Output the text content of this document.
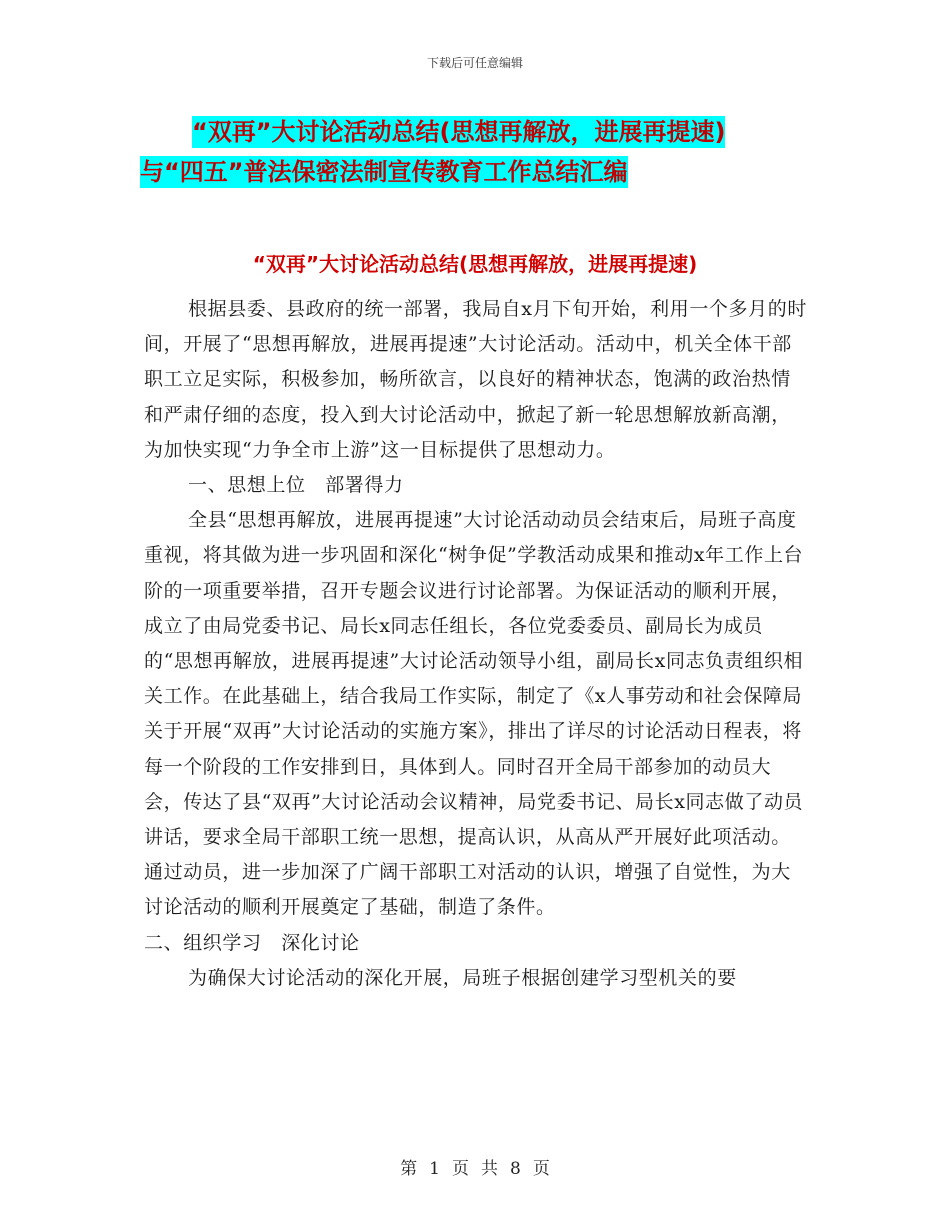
下载后可任意编辑
“双再”大讨论活动总结(思想再解放，进展再提速)
与“四五”普法保密法制宣传教育工作总结汇编
“双再”大讨论活动总结(思想再解放，进展再提速)

根据县委、县政府的统一部署，我局自x月下旬开始，利用一个多月的时间，开展了“思想再解放，进展再提速”大讨论活动。活动中，机关全体干部职工立足实际，积极参加，畅所欲言，以良好的精神状态，饱满的政治热情和严肃仔细的态度，投入到大讨论活动中，掀起了新一轮思想解放新高潮，为加快实现“力争全市上游”这一目标提供了思想动力。

一、思想上位　部署得力

全县“思想再解放，进展再提速”大讨论活动动员会结束后，局班子高度重视，将其做为进一步巩固和深化“树争促”学教活动成果和推动x年工作上台阶的一项重要举措，召开专题会议进行讨论部署。为保证活动的顺利开展，成立了由局党委书记、局长x同志任组长，各位党委委员、副局长为成员的“思想再解放，进展再提速”大讨论活动领导小组，副局长x同志负责组织相关工作。在此基础上，结合我局工作实际，制定了《x人事劳动和社会保障局关于开展“双再”大讨论活动的实施方案》，排出了详尽的讨论活动日程表，将每一个阶段的工作安排到日，具体到人。同时召开全局干部参加的动员大会，传达了县“双再”大讨论活动会议精神，局党委书记、局长x同志做了动员讲话，要求全局干部职工统一思想，提高认识，从高从严开展好此项活动。通过动员，进一步加深了广阔干部职工对活动的认识，增强了自觉性，为大讨论活动的顺利开展奠定了基础，制造了条件。

二、组织学习　深化讨论

为确保大讨论活动的深化开展，局班子根据创建学习型机关的要

第 1 页 共 8 页
